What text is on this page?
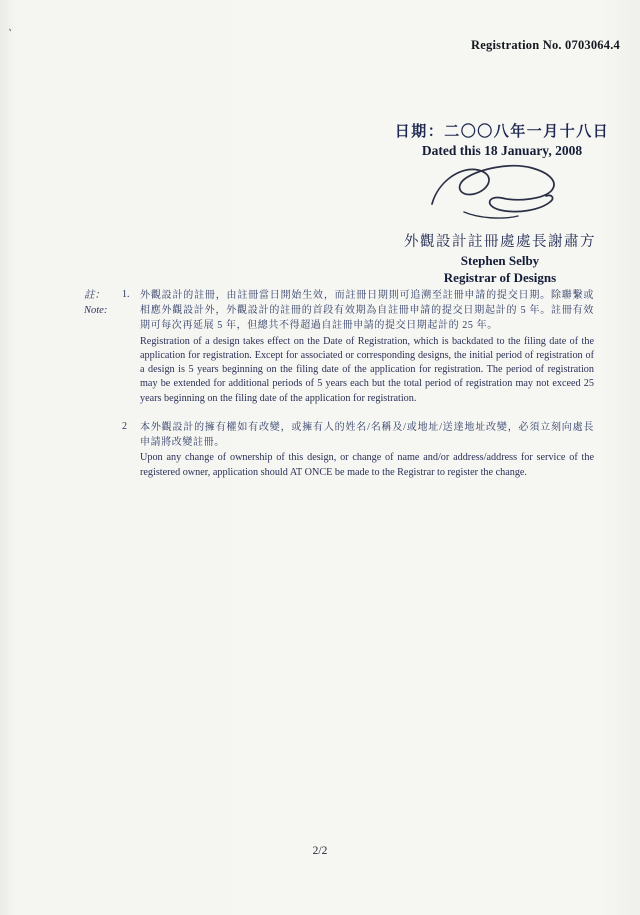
`
Registration No. 0703064.4
日期：二〇〇八年一月十八日
Dated this 18 January, 2008
外觀設計註冊處處長謝肅方
Stephen Selby
Registrar of Designs
註：
Note:
1.	外觀設計的註冊，由註冊當日開始生效，而註冊日期則可追溯至註冊申請的提交日期。除聯繫或相應外觀設計外，外觀設計的註冊的首段有效期為自註冊申請的提交日期起計的 5 年。註冊有效期可每次再延展 5 年，但總共不得超過自註冊申請的提交日期起計的 25 年。
Registration of a design takes effect on the Date of Registration, which is backdated to the filing date of the application for registration. Except for associated or corresponding designs, the initial period of registration of a design is 5 years beginning on the filing date of the application for registration. The period of registration may be extended for additional periods of 5 years each but the total period of registration may not exceed 25 years beginning on the filing date of the application for registration.
2	本外觀設計的擁有權如有改變，或擁有人的姓名/名稱及/或地址/送達地址改變，必須立刻向處長申請將改變註冊。
Upon any change of ownership of this design, or change of name and/or address/address for service of the registered owner, application should AT ONCE be made to the Registrar to register the change.
2/2
